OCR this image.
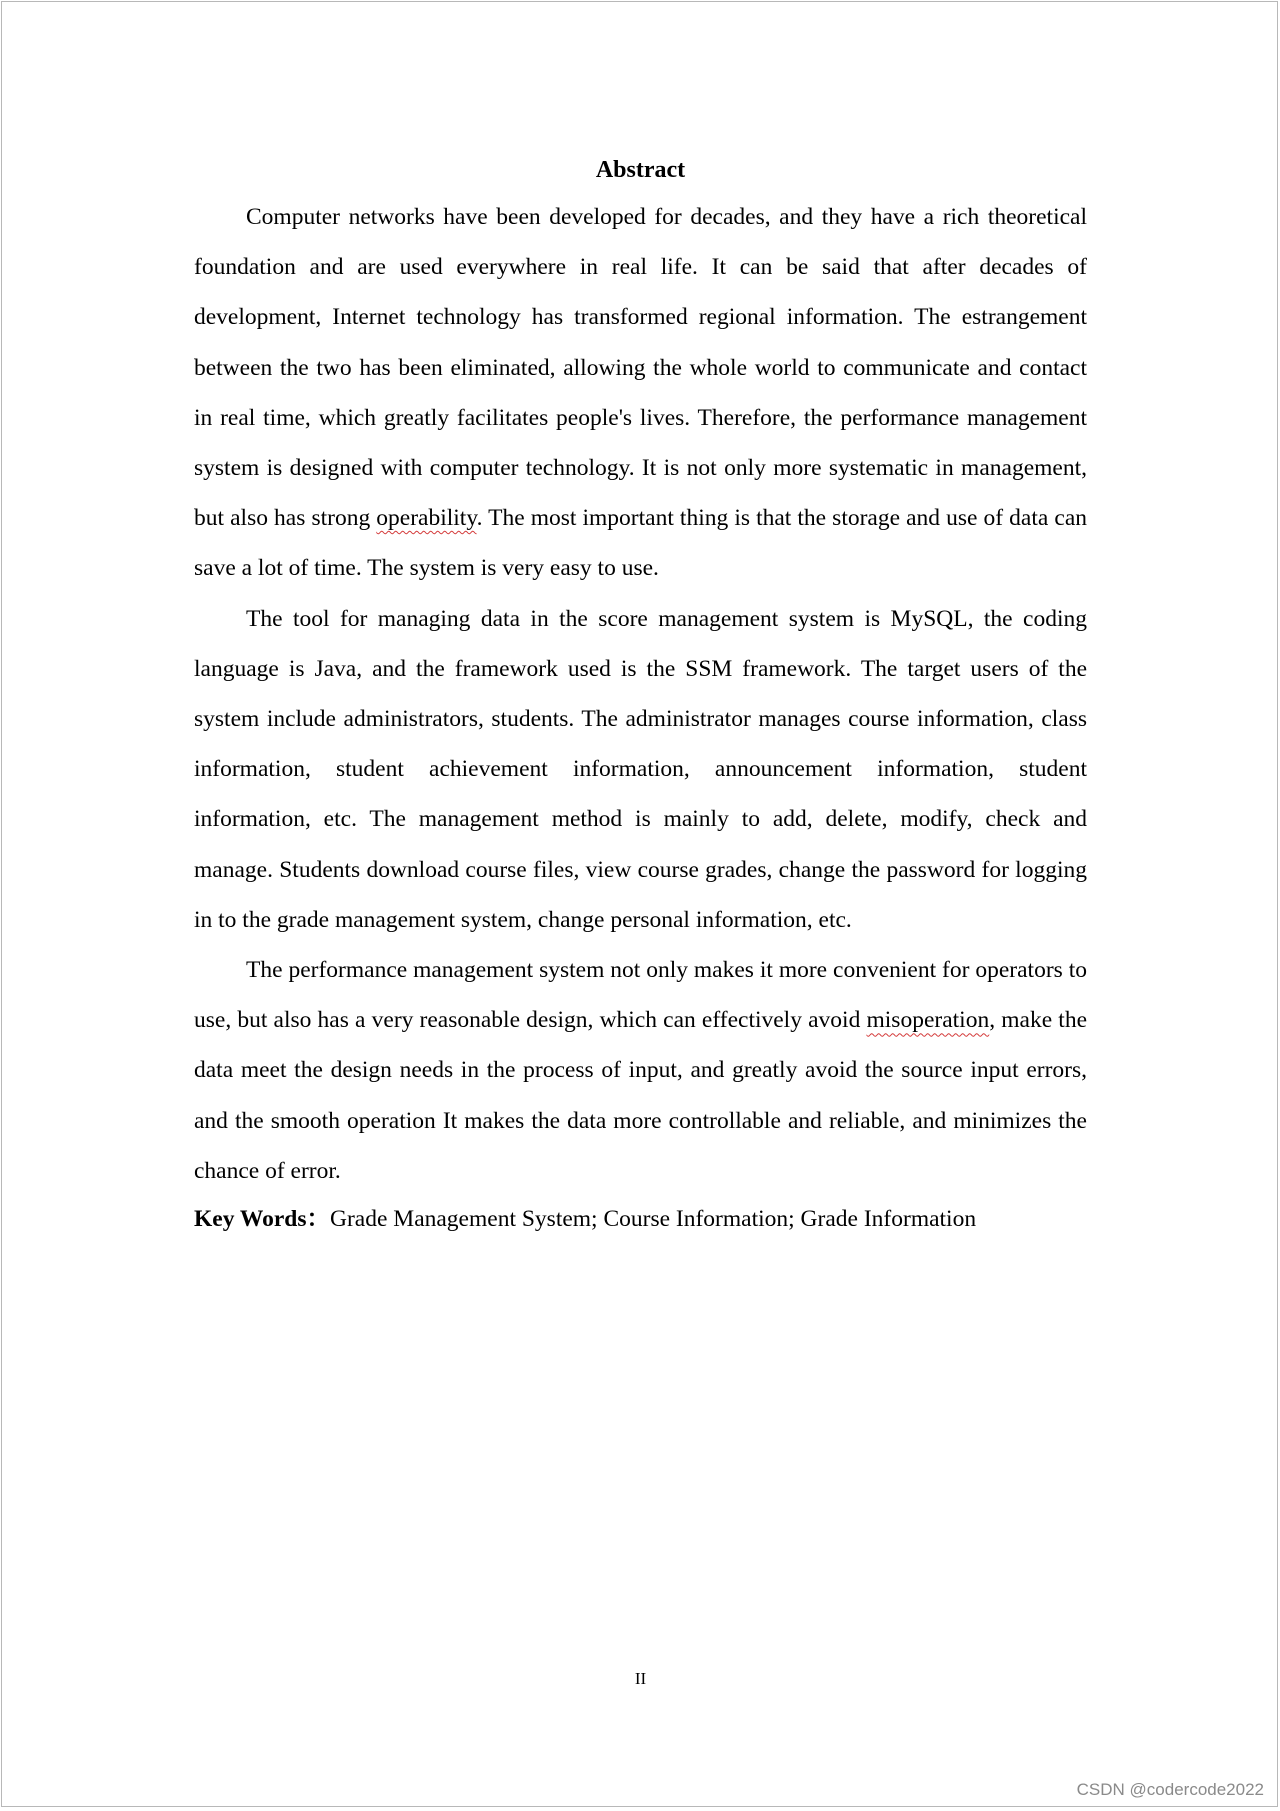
Abstract

Computer networks have been developed for decades, and they have a rich theoretical foundation and are used everywhere in real life. It can be said that after decades of development, Internet technology has transformed regional information. The estrangement between the two has been eliminated, allowing the whole world to communicate and contact in real time, which greatly facilitates people's lives. Therefore, the performance management system is designed with computer technology. It is not only more systematic in management, but also has strong operability. The most important thing is that the storage and use of data can save a lot of time. The system is very easy to use.

The tool for managing data in the score management system is MySQL, the coding language is Java, and the framework used is the SSM framework. The target users of the system include administrators, students. The administrator manages course information, class information, student achievement information, announcement information, student information, etc. The management method is mainly to add, delete, modify, check and manage. Students download course files, view course grades, change the password for logging in to the grade management system, change personal information, etc.

The performance management system not only makes it more convenient for operators to use, but also has a very reasonable design, which can effectively avoid misoperation, make the data meet the design needs in the process of input, and greatly avoid the source input errors, and the smooth operation It makes the data more controllable and reliable, and minimizes the chance of error.

Key Words：Grade Management System; Course Information; Grade Information

II
CSDN @codercode2022
